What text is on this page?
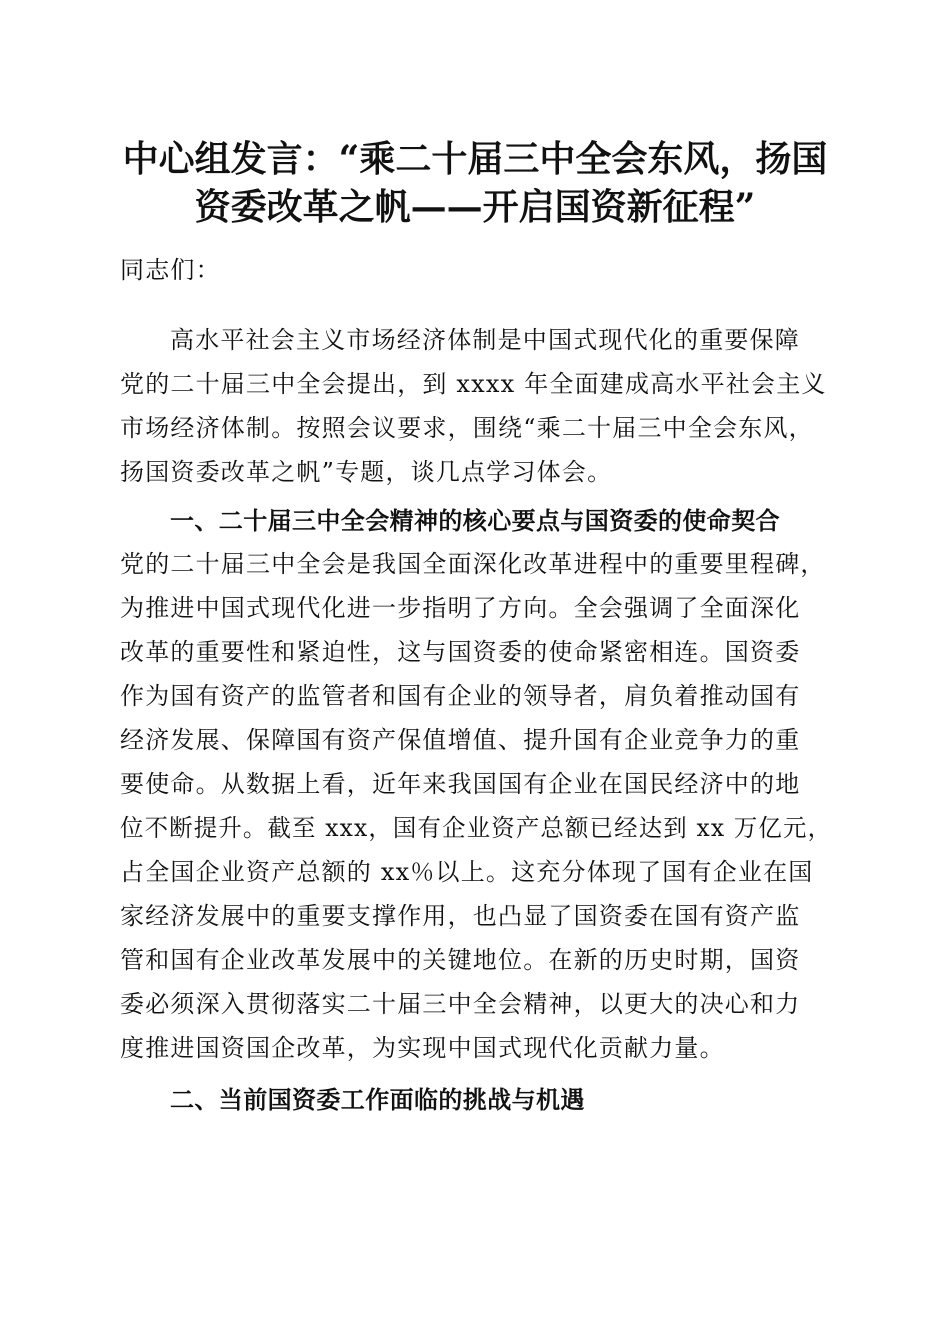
中心组发言：“乘二十届三中全会东风，扬国
资委改革之帆——开启国资新征程”
同志们：
高水平社会主义市场经济体制是中国式现代化的重要保障
党的二十届三中全会提出，到 xxxx 年全面建成高水平社会主义
市场经济体制。按照会议要求，围绕“乘二十届三中全会东风，
扬国资委改革之帆”专题，谈几点学习体会。
一、二十届三中全会精神的核心要点与国资委的使命契合
党的二十届三中全会是我国全面深化改革进程中的重要里程碑，
为推进中国式现代化进一步指明了方向。全会强调了全面深化
改革的重要性和紧迫性，这与国资委的使命紧密相连。国资委
作为国有资产的监管者和国有企业的领导者，肩负着推动国有
经济发展、保障国有资产保值增值、提升国有企业竞争力的重
要使命。从数据上看，近年来我国国有企业在国民经济中的地
位不断提升。截至 xxx，国有企业资产总额已经达到 xx 万亿元，
占全国企业资产总额的 xx％以上。这充分体现了国有企业在国
家经济发展中的重要支撑作用，也凸显了国资委在国有资产监
管和国有企业改革发展中的关键地位。在新的历史时期，国资
委必须深入贯彻落实二十届三中全会精神，以更大的决心和力
度推进国资国企改革，为实现中国式现代化贡献力量。
二、当前国资委工作面临的挑战与机遇
